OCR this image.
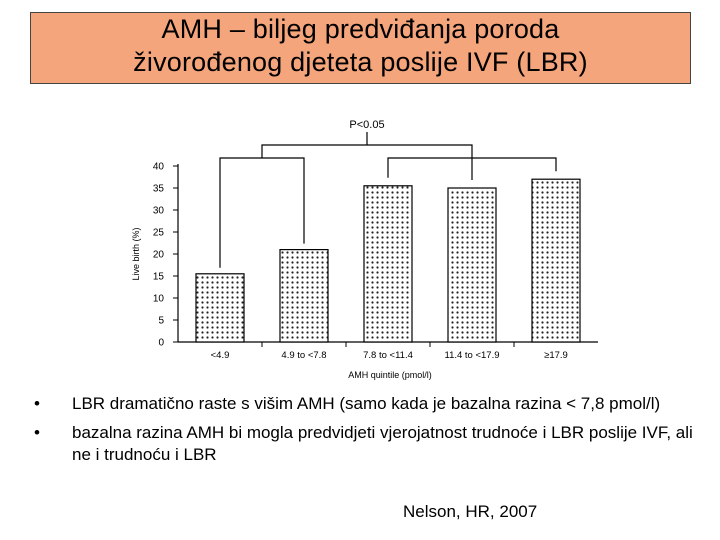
AMH – biljeg predviđanja poroda
živorođenog djeteta poslije IVF (LBR)
0
5
10
15
20
25
30
35
40
Live birth (%)
<4.9	4.9 to <7.8	7.8 to <11.4	11.4 to <17.9	≥17.9
AMH quintile (pmol/l)
P<0.05
• LBR dramatično raste s višim AMH (samo kada je bazalna razina < 7,8 pmol/l)
• bazalna razina AMH bi mogla predvidjeti vjerojatnost trudnoće i LBR poslije IVF, ali ne i trudnoću i LBR
Nelson, HR, 2007
